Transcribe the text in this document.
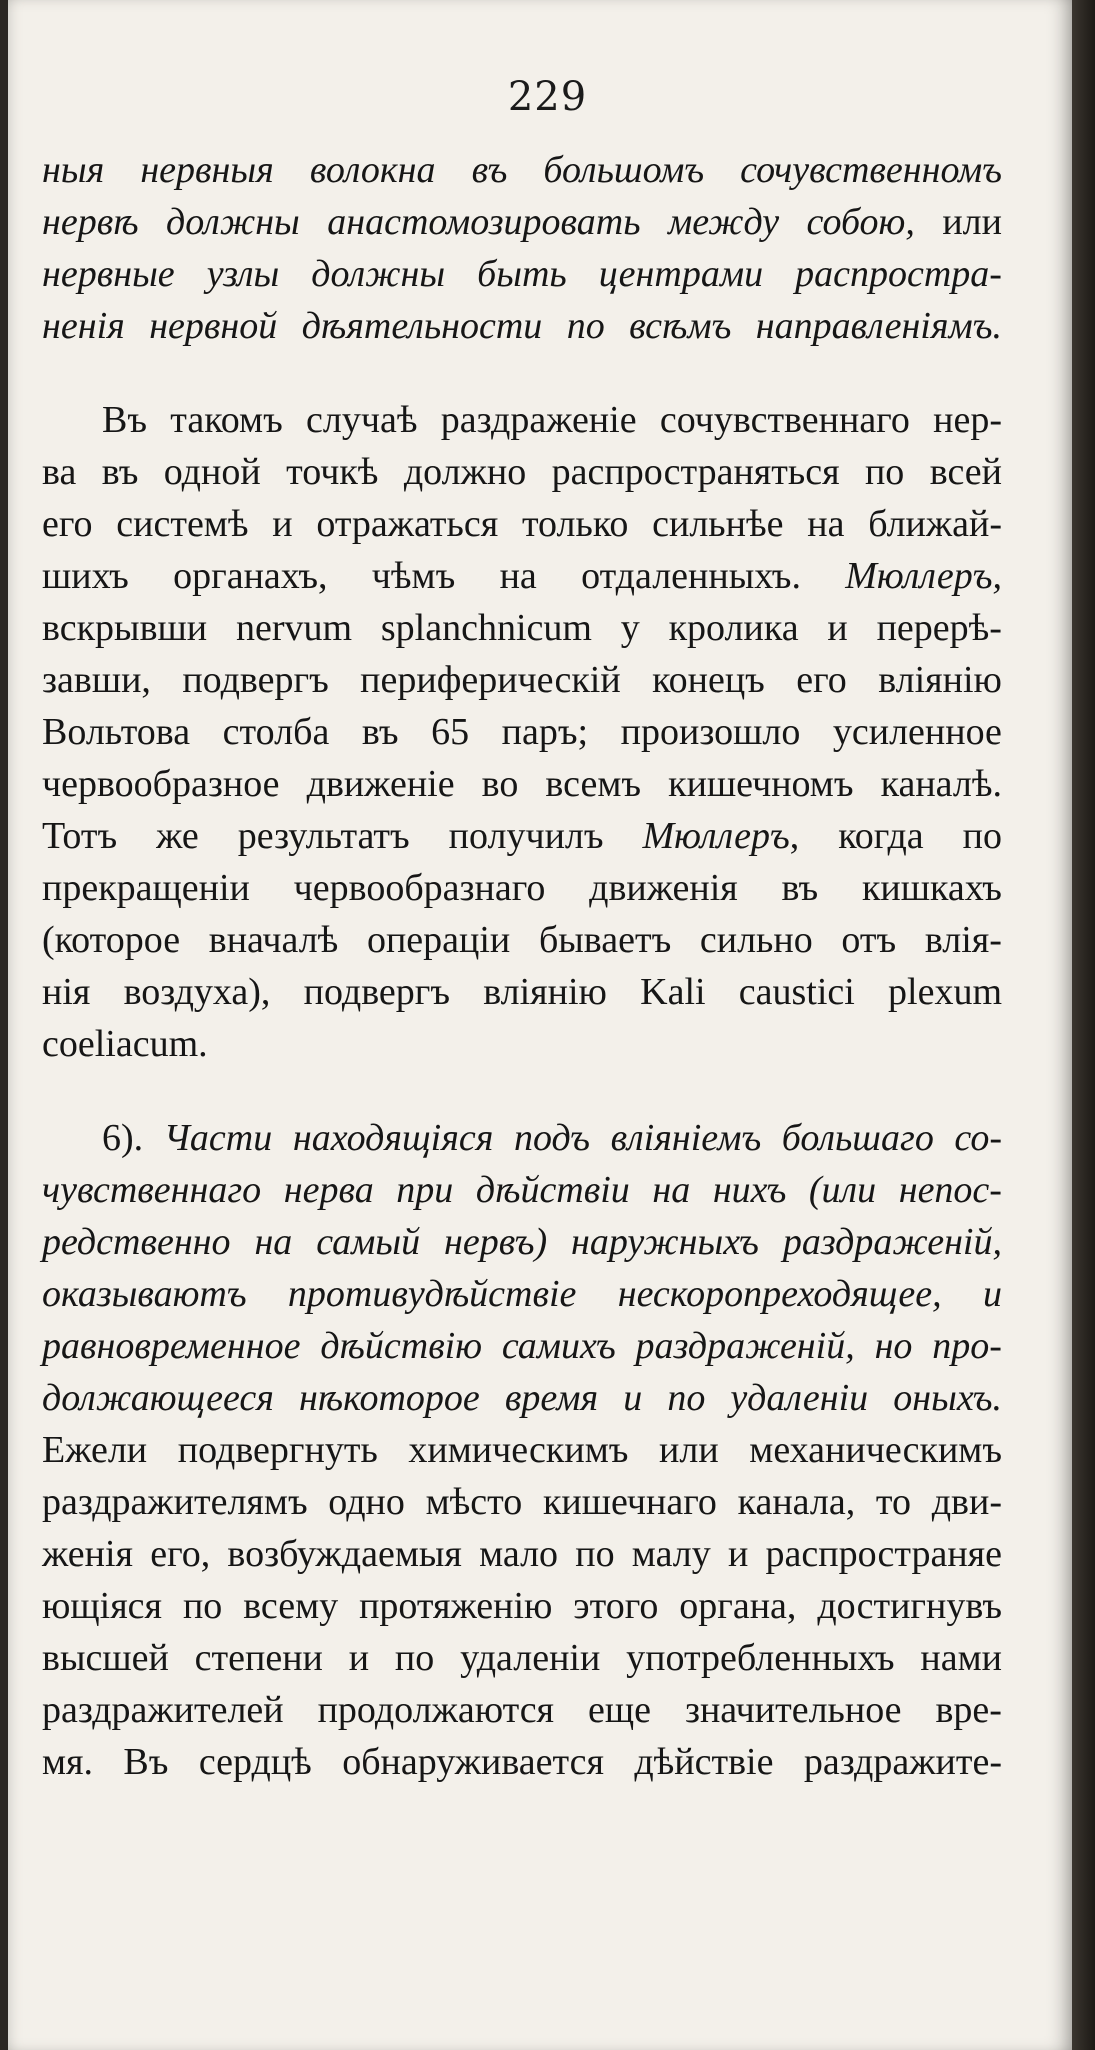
229
ныя нервныя волокна въ большомъ сочувственномъ
нервѣ должны анастомозировать между собою, или
нервные узлы должны быть центрами распростра-
ненія нервной дѣятельности по всѣмъ направленіямъ.
Въ такомъ случаѣ раздраженіе сочувственнаго нер-
ва въ одной точкѣ должно распространяться по всей
его системѣ и отражаться только сильнѣе на ближай-
шихъ органахъ, чѣмъ на отдаленныхъ. Мюллеръ,
вскрывши nervum splanchnicum у кролика и перерѣ-
завши, подвергъ периферическій конецъ его вліянію
Вольтова столба въ 65 паръ; произошло усиленное
червообразное движеніе во всемъ кишечномъ каналѣ.
Тотъ же результатъ получилъ Мюллеръ, когда по
прекращеніи червообразнаго движенія въ кишкахъ
(которое вначалѣ операціи бываетъ сильно отъ влія-
нія воздуха), подвергъ вліянію Kali caustici plexum
coeliacum.
6). Части находящіяся подъ вліяніемъ большаго со-
чувственнаго нерва при дѣйствіи на нихъ (или непос-
редственно на самый нервъ) наружныхъ раздраженій,
оказываютъ противудѣйствіе нескоропреходящее, и
равновременное дѣйствію самихъ раздраженій, но про-
должающееся нѣкоторое время и по удаленіи оныхъ.
Ежели подвергнуть химическимъ или механическимъ
раздражителямъ одно мѣсто кишечнаго канала, то дви-
женія его, возбуждаемыя мало по малу и распространяе
ющіяся по всему протяженію этого органа, достигнувъ
высшей степени и по удаленіи употребленныхъ нами
раздражителей продолжаются еще значительное вре-
мя. Въ сердцѣ обнаруживается дѣйствіе раздражите-
